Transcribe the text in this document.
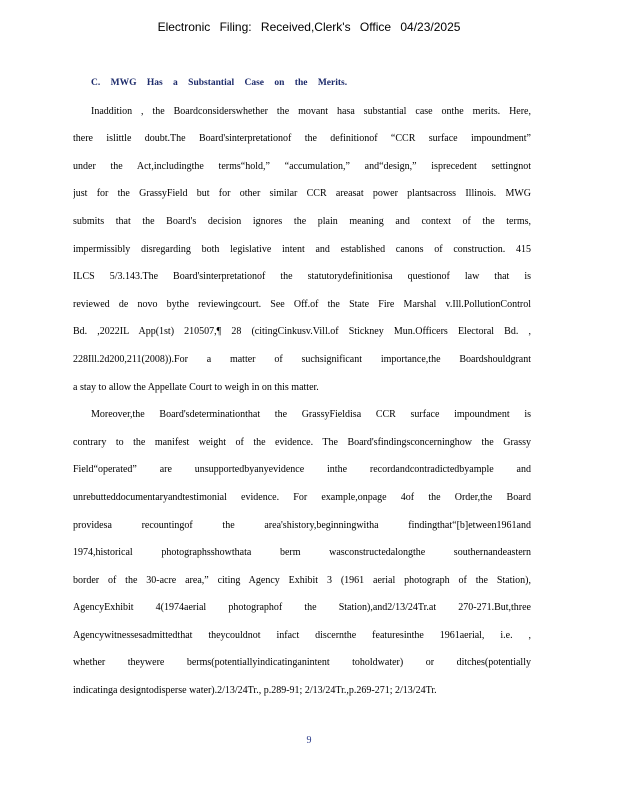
Electronic Filing: Received,Clerk's Office 04/23/2025
C. MWG Has a Substantial Case on the Merits.
Inaddition , the Boardconsiderswhether the movant hasa substantial case onthe merits. Here,
there islittle doubt.The Board'sinterpretationof the definitionof “CCR surface impoundment”
under the Act,includingthe terms“hold,” “accumulation,” and“design,” isprecedent settingnot
just for the GrassyField but for other similar CCR areasat power plantsacross Illinois. MWG
submits that the Board's decision ignores the plain meaning and context of the terms,
impermissibly disregarding both legislative intent and established canons of construction. 415
ILCS 5/3.143.The Board'sinterpretationof the statutorydefinitionisa questionof law that is
reviewed de novo bythe reviewingcourt. See Off.of the State Fire Marshal v.Ill.PollutionControl
Bd. ,2022IL App(1st) 210507,¶ 28 (citingCinkusv.Vill.of Stickney Mun.Officers Electoral Bd. ,
228Ill.2d200,211(2008)).For a matter of suchsignificant importance,the Boardshouldgrant
a stay to allow the Appellate Court to weigh in on this matter.
Moreover,the Board'sdeterminationthat the GrassyFieldisa CCR surface impoundment is
contrary to the manifest weight of the evidence. The Board'sfindingsconcerninghow the Grassy
Field“operated” are unsupportedbyanyevidence inthe recordandcontradictedbyample and
unrebutteddocumentaryandtestimonial evidence. For example,onpage 4of the Order,the Board
providesa recountingof the area'shistory,beginningwitha findingthat“[b]etween1961and
1974,historical photographsshowthata berm wasconstructedalongthe southernandeastern
border of the 30-acre area,” citing Agency Exhibit 3 (1961 aerial photograph of the Station),
AgencyExhibit 4(1974aerial photographof the Station),and2/13/24Tr.at 270-271.But,three
Agencywitnessesadmittedthat theycouldnot infact discernthe featuresinthe 1961aerial, i.e. ,
whether theywere berms(potentiallyindicatinganintent toholdwater) or ditches(potentially
indicatinga designtodisperse water).2/13/24Tr., p.289-91; 2/13/24Tr.,p.269-271; 2/13/24Tr.
9
